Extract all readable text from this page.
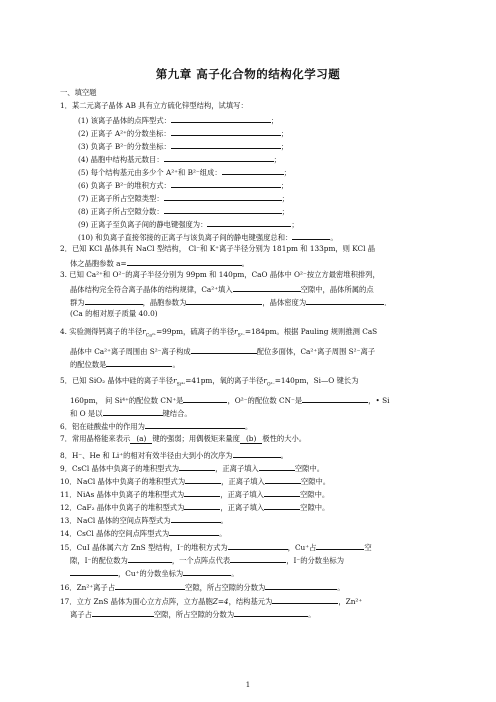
第九章 高子化合物的结构化学习题
一、填空题
1．某二元离子晶体 AB 具有立方硫化锌型结构，试填写：
(1) 该离子晶体的点阵型式：	；
(2) 正离子 A²⁺的分数坐标：	；
(3) 负离子 B²⁻的分数坐标：	；
(4) 晶胞中结构基元数目：	；
(5) 每个结构基元由多少个 A²⁺和 B²⁻组成：	；
(6) 负离子 B²⁻的堆积方式：	；
(7) 正离子所占空隙类型：	；
(8) 正离子所占空隙分数：	；
(9) 正离子至负离子间的静电键强度为：	；
(10) 和负离子直接邻接的正离子与该负离子间的静电键强度总和：	。
2．已知 KCl 晶体具有 NaCl 型结构， Cl⁻和 K⁺离子半径分别为 181pm 和 133pm，则 KCl 晶
体之晶胞参数 a=	。
3. 已知 Ca²⁺和 O²⁻的离子半径分别为 99pm 和 140pm，CaO 晶体中 O²⁻按立方最密堆积排列，
晶体结构完全符合离子晶体的结构规律，Ca²⁺填入	空隙中，晶体所属的点
群为	，晶胞参数为	，晶体密度为	．
(Ca 的相对原子质量 40.0)
4. 实验测得钙离子的半径$r_{Ca^{2+}}=99pm$，硫离子的半径$r_{S^{2-}}=184pm$。根据 Pauling 规则推测 CaS
晶体中 Ca²⁺离子周围由 S²⁻离子构成	配位多面体，Ca²⁺离子周围 S²⁻离子
的配位数是	。
5．已知 SiO₂ 晶体中硅的离子半径$r_{Si^{4+}}=41pm$，氧的离子半径$r_{O^{2-}}=140pm$，Si—O 键长为
160pm， 问 Si⁴⁺的配位数 CN⁺是	，O²⁻的配位数 CN⁻是	，• Si
和 O 是以	键结合。
6．铝在硅酸盐中的作用为	。
7．常用晶格能来表示 (a) 键的强弱；用偶极矩来量度 (b) 极性的大小。
8．H⁻、He 和 Li⁺的相对有效半径由大到小的次序为	。
9．CsCl 晶体中负离子的堆积型式为	，正离子填入	空隙中。
10．NaCl 晶体中负离子的堆积型式为	，正离子填入	空隙中。
11．NiAs 晶体中负离子的堆积型式为	，正离子填入	空隙中。
12．CaF₂ 晶体中负离子的堆积型式为	，正离子填入	空隙中。
13．NaCl 晶体的空间点阵型式为	。
14．CsCl 晶体的空间点阵型式为	。
15．CuI 晶体属六方 ZnS 型结构，I⁻的堆积方式为	，Cu⁺占	空
隙，I⁻的配位数为	，一个点阵点代表	，I⁻的分数坐标为
，Cu⁺的分数坐标为	。
16．Zn²⁺离子占	空隙，所占空隙的分数为	。
17．立方 ZnS 晶体为面心立方点阵，立方晶胞Z=4，结构基元为	，Zn²⁺
离子占	空隙，所占空隙的分数为	。
1
